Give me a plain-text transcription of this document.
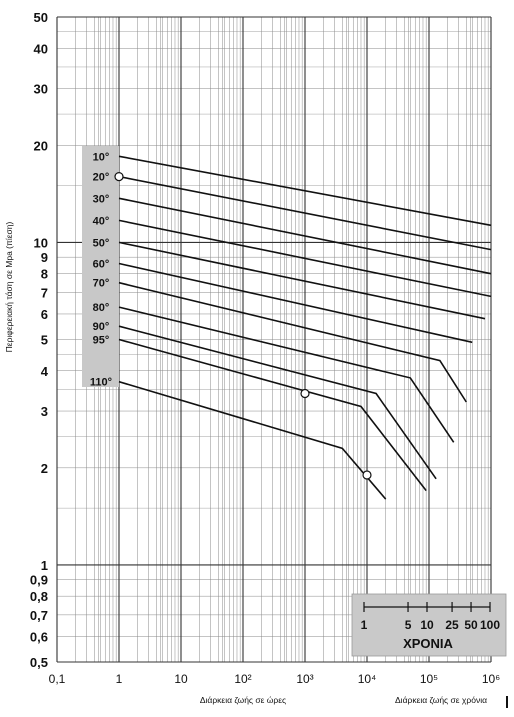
10°
20°
30°
40°
50°
60°
70°
80°
90°
95°
110°
0,5
0,6
0,7
0,8
0,9
1
2
3
4
5
6
7
8
9
10
20
30
40
50
0,1	1	10	10²	10³	10⁴	10⁵	10⁶
1	5 10 25 50 100
ΧΡΟΝΙΑ
Περιφερειακή τάση σε Mpa (πίεση)
Διάρκεια ζωής σε ώρες	Διάρκεια ζωής σε χρόνια
